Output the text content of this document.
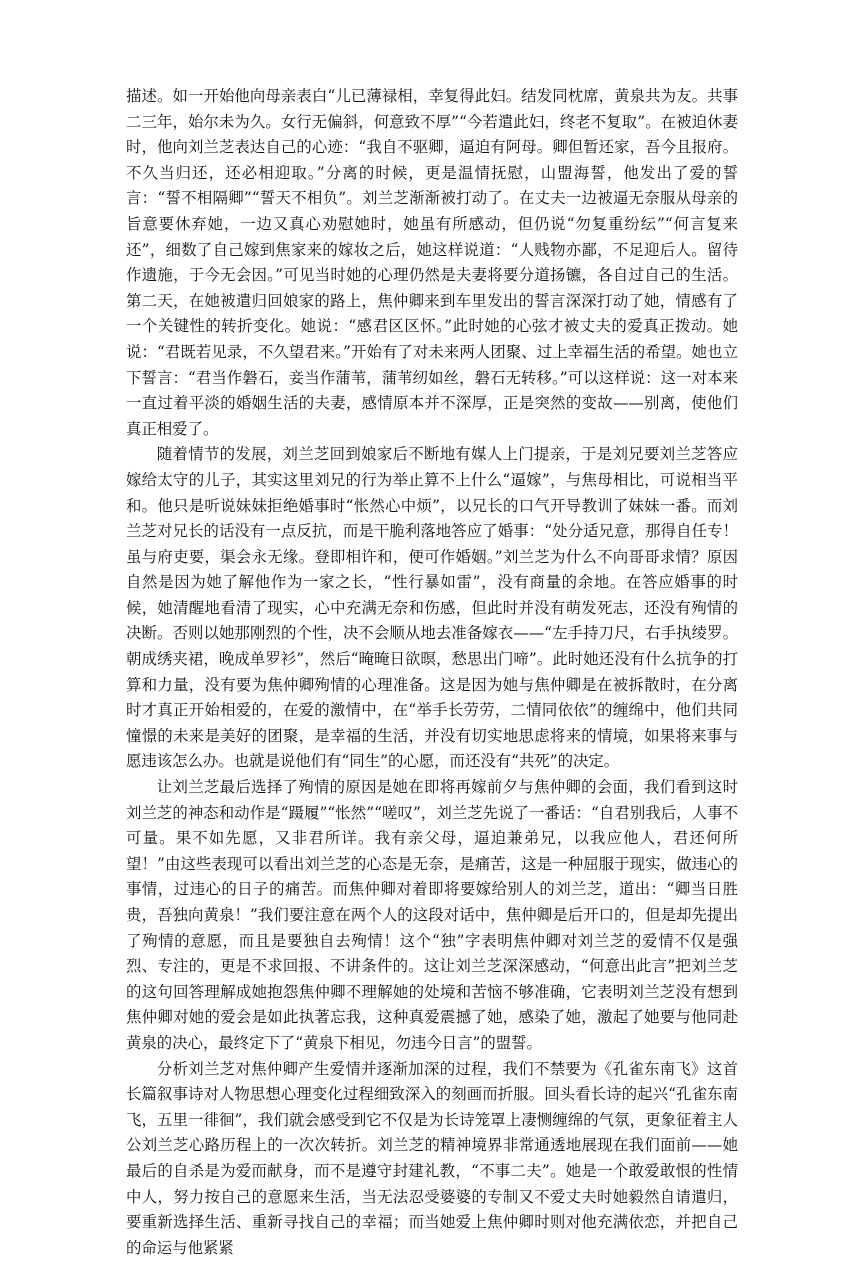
描述。如一开始他向母亲表白“儿已薄禄相，幸复得此妇。结发同枕席，黄泉共为友。共事二三年，始尔未为久。女行无偏斜，何意致不厚”“今若遣此妇，终老不复取”。在被迫休妻时，他向刘兰芝表达自己的心迹：“我自不驱卿，逼迫有阿母。卿但暂还家，吾今且报府。不久当归还，还必相迎取。”分离的时候，更是温情抚慰，山盟海誓，他发出了爱的誓言：“誓不相隔卿”“誓天不相负”。刘兰芝渐渐被打动了。在丈夫一边被逼无奈服从母亲的旨意要休弃她，一边又真心劝慰她时，她虽有所感动，但仍说“勿复重纷纭”“何言复来还”，细数了自己嫁到焦家来的嫁妆之后，她这样说道：“人贱物亦鄙，不足迎后人。留待作遗施，于今无会因。”可见当时她的心理仍然是夫妻将要分道扬镳，各自过自己的生活。第二天，在她被遣归回娘家的路上，焦仲卿来到车里发出的誓言深深打动了她，情感有了一个关键性的转折变化。她说：“感君区区怀。”此时她的心弦才被丈夫的爱真正拨动。她说：“君既若见录，不久望君来。”开始有了对未来两人团聚、过上幸福生活的希望。她也立下誓言：“君当作磐石，妾当作蒲苇，蒲苇纫如丝，磐石无转移。”可以这样说：这一对本来一直过着平淡的婚姻生活的夫妻，感情原本并不深厚，正是突然的变故——别离，使他们真正相爱了。

随着情节的发展，刘兰芝回到娘家后不断地有媒人上门提亲，于是刘兄要刘兰芝答应嫁给太守的儿子，其实这里刘兄的行为举止算不上什么“逼嫁”，与焦母相比，可说相当平和。他只是听说妹妹拒绝婚事时“怅然心中烦”，以兄长的口气开导教训了妹妹一番。而刘兰芝对兄长的话没有一点反抗，而是干脆利落地答应了婚事：“处分适兄意，那得自任专！虽与府吏要，渠会永无缘。登即相许和，便可作婚姻。”刘兰芝为什么不向哥哥求情？原因自然是因为她了解他作为一家之长，“性行暴如雷”，没有商量的余地。在答应婚事的时候，她清醒地看清了现实，心中充满无奈和伤感，但此时并没有萌发死志，还没有殉情的决断。否则以她那刚烈的个性，决不会顺从地去准备嫁衣——“左手持刀尺，右手执绫罗。朝成绣夹裙，晚成单罗衫”，然后“晻晻日欲暝，愁思出门啼”。此时她还没有什么抗争的打算和力量，没有要为焦仲卿殉情的心理准备。这是因为她与焦仲卿是在被拆散时，在分离时才真正开始相爱的，在爱的激情中，在“举手长劳劳，二情同依依”的缠绵中，他们共同憧憬的未来是美好的团聚，是幸福的生活，并没有切实地思虑将来的情境，如果将来事与愿违该怎么办。也就是说他们有“同生”的心愿，而还没有“共死”的决定。

让刘兰芝最后选择了殉情的原因是她在即将再嫁前夕与焦仲卿的会面，我们看到这时刘兰芝的神态和动作是“蹑履”“怅然”“嗟叹”，刘兰芝先说了一番话：“自君别我后，人事不可量。果不如先愿，又非君所详。我有亲父母，逼迫兼弟兄，以我应他人，君还何所望！”由这些表现可以看出刘兰芝的心态是无奈，是痛苦，这是一种屈服于现实，做违心的事情，过违心的日子的痛苦。而焦仲卿对着即将要嫁给别人的刘兰芝，道出：“卿当日胜贵，吾独向黄泉！”我们要注意在两个人的这段对话中，焦仲卿是后开口的，但是却先提出了殉情的意愿，而且是要独自去殉情！这个“独”字表明焦仲卿对刘兰芝的爱情不仅是强烈、专注的，更是不求回报、不讲条件的。这让刘兰芝深深感动，“何意出此言”把刘兰芝的这句回答理解成她抱怨焦仲卿不理解她的处境和苦恼不够准确，它表明刘兰芝没有想到焦仲卿对她的爱会是如此执著忘我，这种真爱震撼了她，感染了她，激起了她要与他同赴黄泉的决心，最终定下了“黄泉下相见，勿违今日言”的盟誓。

分析刘兰芝对焦仲卿产生爱情并逐渐加深的过程，我们不禁要为《孔雀东南飞》这首长篇叙事诗对人物思想心理变化过程细致深入的刻画而折服。回头看长诗的起兴“孔雀东南飞，五里一徘徊”，我们就会感受到它不仅是为长诗笼罩上凄恻缠绵的气氛，更象征着主人公刘兰芝心路历程上的一次次转折。刘兰芝的精神境界非常通透地展现在我们面前——她最后的自杀是为爱而献身，而不是遵守封建礼教，“不事二夫”。她是一个敢爱敢恨的性情中人，努力按自己的意愿来生活，当无法忍受婆婆的专制又不爱丈夫时她毅然自请遣归，要重新选择生活、重新寻找自己的幸福；而当她爱上焦仲卿时则对他充满依恋，并把自己的命运与他紧紧
